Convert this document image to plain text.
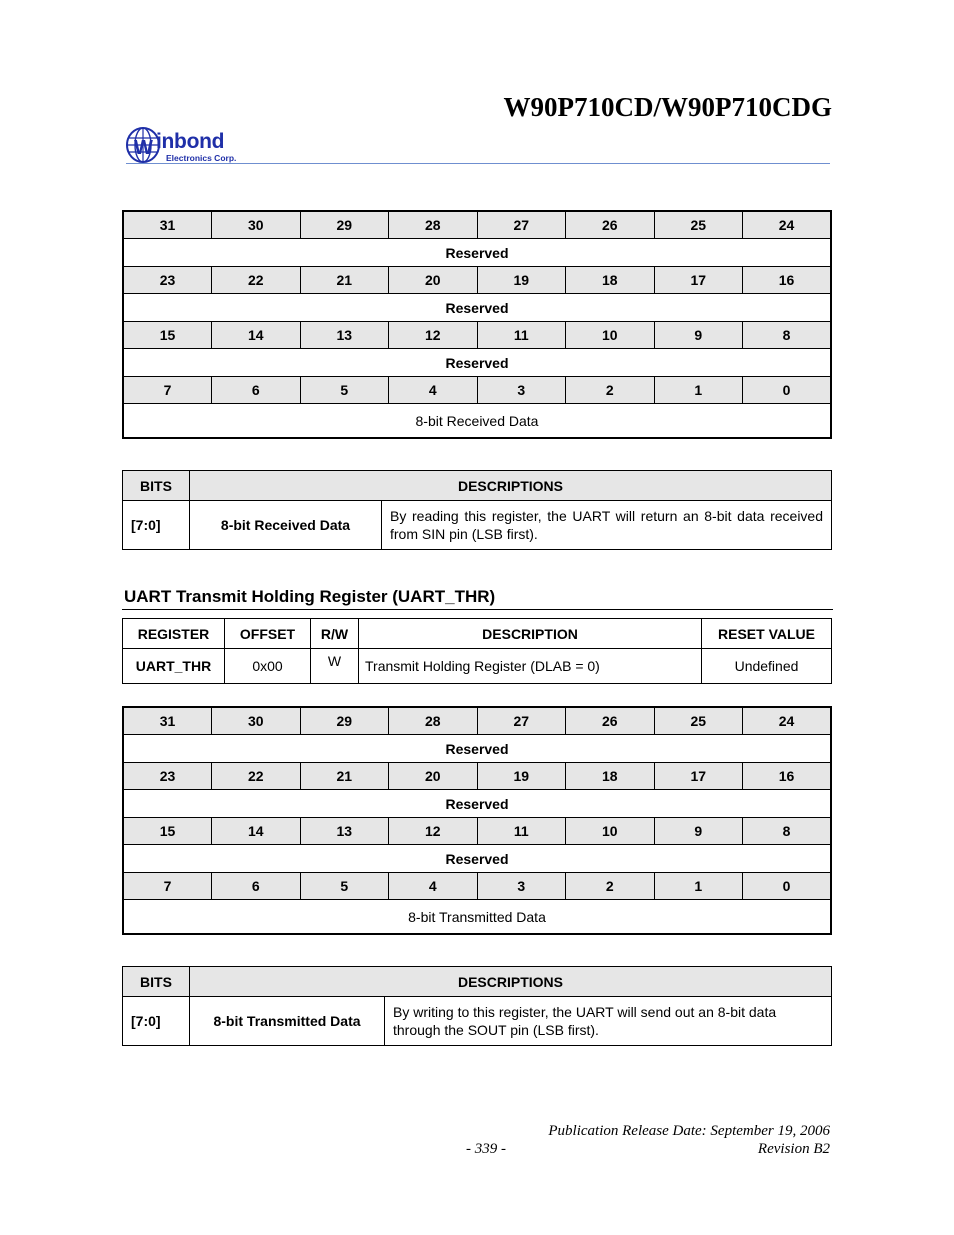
W90P710CD/W90P710CDG
W inbond
Electronics Corp.
31	30	29	28	27	26	25	24
Reserved							
23	22	21	20	19	18	17	16
Reserved							
15	14	13	12	11	10	9	8
Reserved							
7	6	5	4	3	2	1	0
8-bit Received Data							
BITS	DESCRIPTIONS	
[7:0]	8-bit Received Data	By reading this register, the UART will return an 8-bit data received from SIN pin (LSB first).
UART Transmit Holding Register (UART_THR)
REGISTER	OFFSET	R/W	DESCRIPTION	RESET VALUE
UART_THR	0x00	W	Transmit Holding Register (DLAB = 0)	Undefined
31	30	29	28	27	26	25	24
Reserved							
23	22	21	20	19	18	17	16
Reserved							
15	14	13	12	11	10	9	8
Reserved							
7	6	5	4	3	2	1	0
8-bit Transmitted Data							
BITS	DESCRIPTIONS	
[7:0]	8-bit Transmitted Data	By writing to this register, the UART will send out an 8-bit data through the SOUT pin (LSB first).
Publication Release Date: September 19, 2006
- 339 -	Revision B2
